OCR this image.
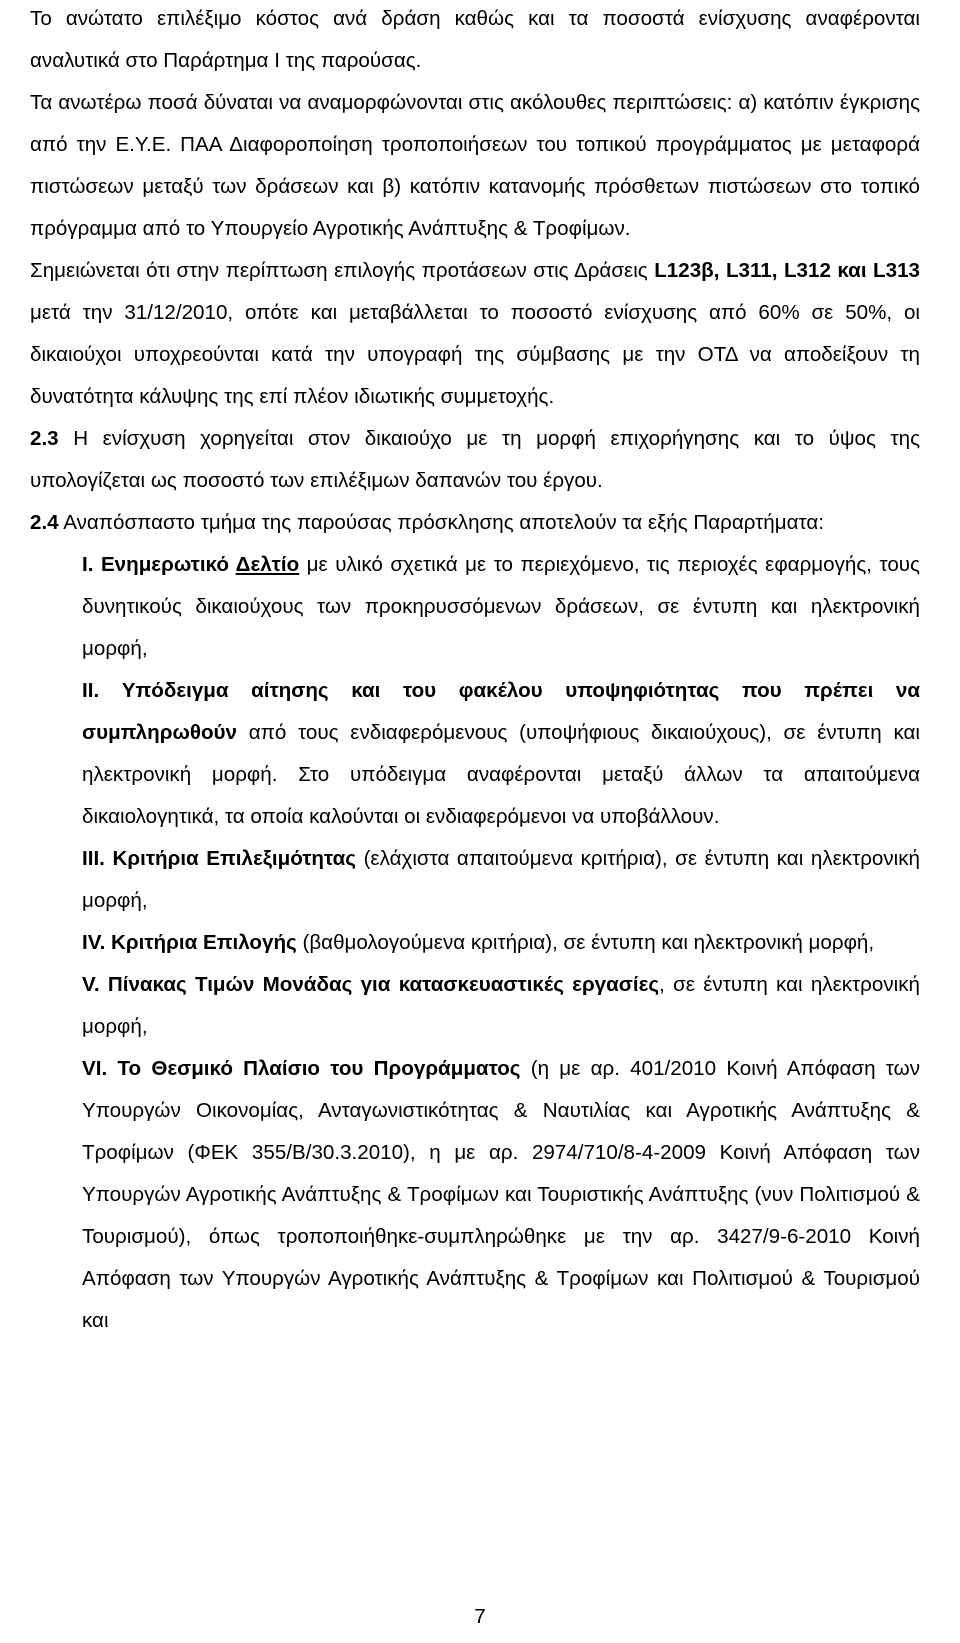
Το ανώτατο επιλέξιμο κόστος ανά δράση καθώς και τα ποσοστά ενίσχυσης αναφέρονται αναλυτικά στο Παράρτημα Ι της παρούσας.

Τα ανωτέρω ποσά δύναται να αναμορφώνονται στις ακόλουθες περιπτώσεις: α) κατόπιν έγκρισης από την Ε.Υ.Ε. ΠΑΑ Διαφοροποίηση τροποποιήσεων του τοπικού προγράμματος με μεταφορά πιστώσεων μεταξύ των δράσεων και β) κατόπιν κατανομής πρόσθετων πιστώσεων στο τοπικό πρόγραμμα από το Υπουργείο Αγροτικής Ανάπτυξης & Τροφίμων.

Σημειώνεται ότι στην περίπτωση επιλογής προτάσεων στις Δράσεις L123β, L311, L312 και L313 μετά την 31/12/2010, οπότε και μεταβάλλεται το ποσοστό ενίσχυσης από 60% σε 50%, οι δικαιούχοι υποχρεούνται κατά την υπογραφή της σύμβασης με την ΟΤΔ να αποδείξουν τη δυνατότητα κάλυψης της επί πλέον ιδιωτικής συμμετοχής.

2.3 Η ενίσχυση χορηγείται στον δικαιούχο με τη μορφή επιχορήγησης και το ύψος της υπολογίζεται ως ποσοστό των επιλέξιμων δαπανών του έργου.

2.4 Αναπόσπαστο τμήμα της παρούσας πρόσκλησης αποτελούν τα εξής Παραρτήματα:

I. Ενημερωτικό Δελτίο με υλικό σχετικά με το περιεχόμενο, τις περιοχές εφαρμογής, τους δυνητικούς δικαιούχους των προκηρυσσόμενων δράσεων, σε έντυπη και ηλεκτρονική μορφή,

II. Υπόδειγμα αίτησης και του φακέλου υποψηφιότητας που πρέπει να συμπληρωθούν από τους ενδιαφερόμενους (υποψήφιους δικαιούχους), σε έντυπη και ηλεκτρονική μορφή. Στο υπόδειγμα αναφέρονται μεταξύ άλλων τα απαιτούμενα δικαιολογητικά, τα οποία καλούνται οι ενδιαφερόμενοι να υποβάλλουν.

III. Κριτήρια Επιλεξιμότητας (ελάχιστα απαιτούμενα κριτήρια), σε έντυπη και ηλεκτρονική μορφή,

IV. Κριτήρια Επιλογής (βαθμολογούμενα κριτήρια), σε έντυπη και ηλεκτρονική μορφή,

V. Πίνακας Τιμών Μονάδας για κατασκευαστικές εργασίες, σε έντυπη και ηλεκτρονική μορφή,

VI. Το Θεσμικό Πλαίσιο του Προγράμματος (η με αρ. 401/2010 Κοινή Απόφαση των Υπουργών Οικονομίας, Ανταγωνιστικότητας & Ναυτιλίας και Αγροτικής Ανάπτυξης & Τροφίμων (ΦΕΚ 355/Β/30.3.2010), η με αρ. 2974/710/8-4-2009 Κοινή Απόφαση των Υπουργών Αγροτικής Ανάπτυξης & Τροφίμων και Τουριστικής Ανάπτυξης (νυν Πολιτισμού & Τουρισμού), όπως τροποποιήθηκε-συμπληρώθηκε με την αρ. 3427/9-6-2010 Κοινή Απόφαση των Υπουργών Αγροτικής Ανάπτυξης & Τροφίμων και Πολιτισμού & Τουρισμού και

7
